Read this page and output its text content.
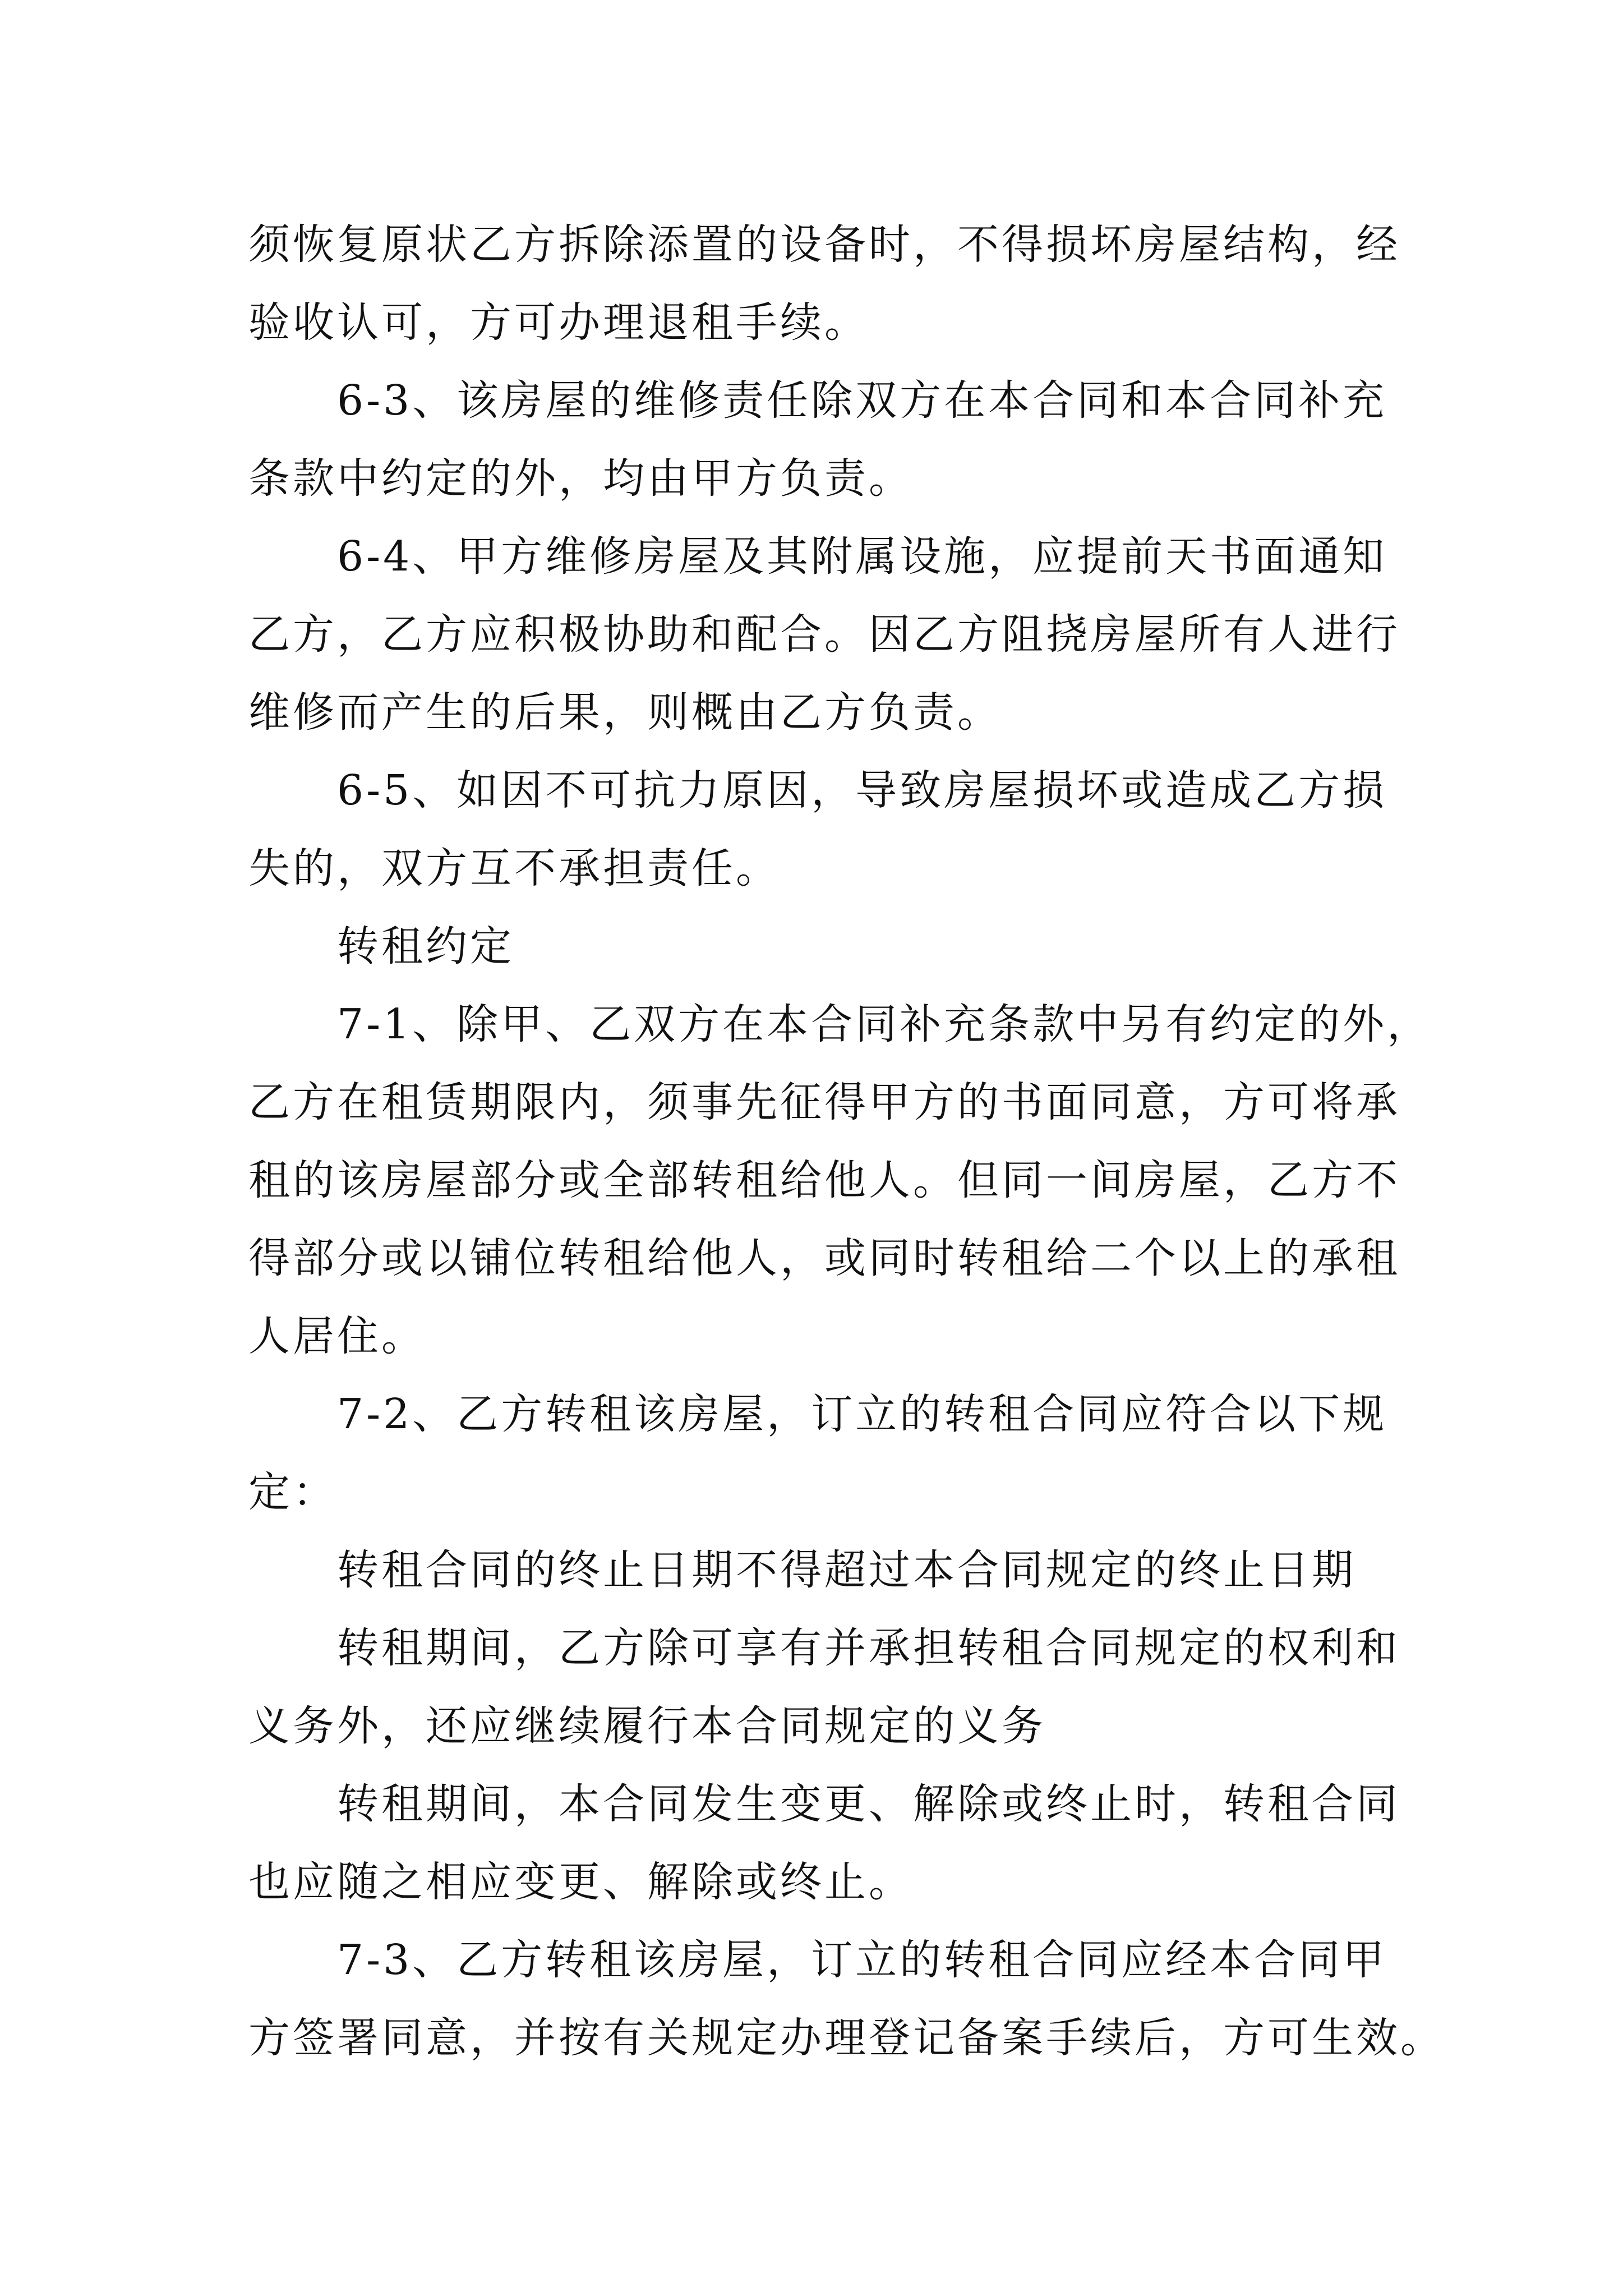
须恢复原状乙方拆除添置的设备时，不得损坏房屋结构，经
验收认可，方可办理退租手续。
6-3、该房屋的维修责任除双方在本合同和本合同补充
条款中约定的外，均由甲方负责。
6-4、甲方维修房屋及其附属设施，应提前天书面通知
乙方，乙方应积极协助和配合。因乙方阻挠房屋所有人进行
维修而产生的后果，则概由乙方负责。
6-5、如因不可抗力原因，导致房屋损坏或造成乙方损
失的，双方互不承担责任。
转租约定
7-1、除甲、乙双方在本合同补充条款中另有约定的外，
乙方在租赁期限内，须事先征得甲方的书面同意，方可将承
租的该房屋部分或全部转租给他人。但同一间房屋，乙方不
得部分或以铺位转租给他人，或同时转租给二个以上的承租
人居住。
7-2、乙方转租该房屋，订立的转租合同应符合以下规
定：
转租合同的终止日期不得超过本合同规定的终止日期
转租期间，乙方除可享有并承担转租合同规定的权利和
义务外，还应继续履行本合同规定的义务
转租期间，本合同发生变更、解除或终止时，转租合同
也应随之相应变更、解除或终止。
7-3、乙方转租该房屋，订立的转租合同应经本合同甲
方签署同意，并按有关规定办理登记备案手续后，方可生效。
